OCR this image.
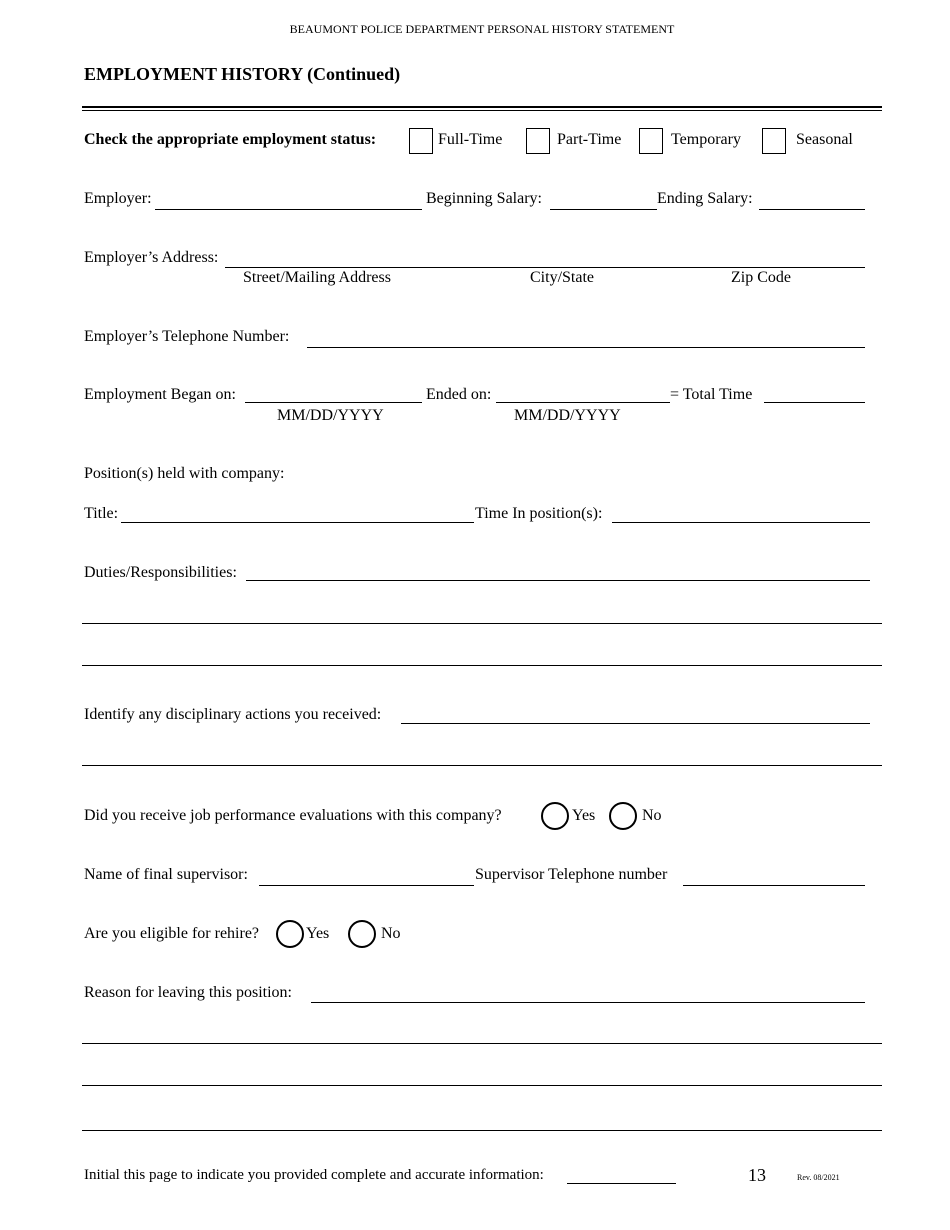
BEAUMONT POLICE DEPARTMENT PERSONAL HISTORY STATEMENT
EMPLOYMENT HISTORY (Continued)
Check the appropriate employment status:	Full-Time	Part-Time	Temporary	Seasonal
Employer:	Beginning Salary:	Ending Salary:
Employer’s Address:
Street/Mailing Address	City/State	Zip Code
Employer’s Telephone Number:
Employment Began on:
MM/DD/YYYY
Ended on:
MM/DD/YYYY
= Total Time
Position(s) held with company:
Title:	Time In position(s):
Duties/Responsibilities:
Identify any disciplinary actions you received:
Did you receive job performance evaluations with this company?	Yes	No
Name of final supervisor:	Supervisor Telephone number
Are you eligible for rehire?	Yes	No
Reason for leaving this position:
Initial this page to indicate you provided complete and accurate information:	13	Rev. 08/2021
